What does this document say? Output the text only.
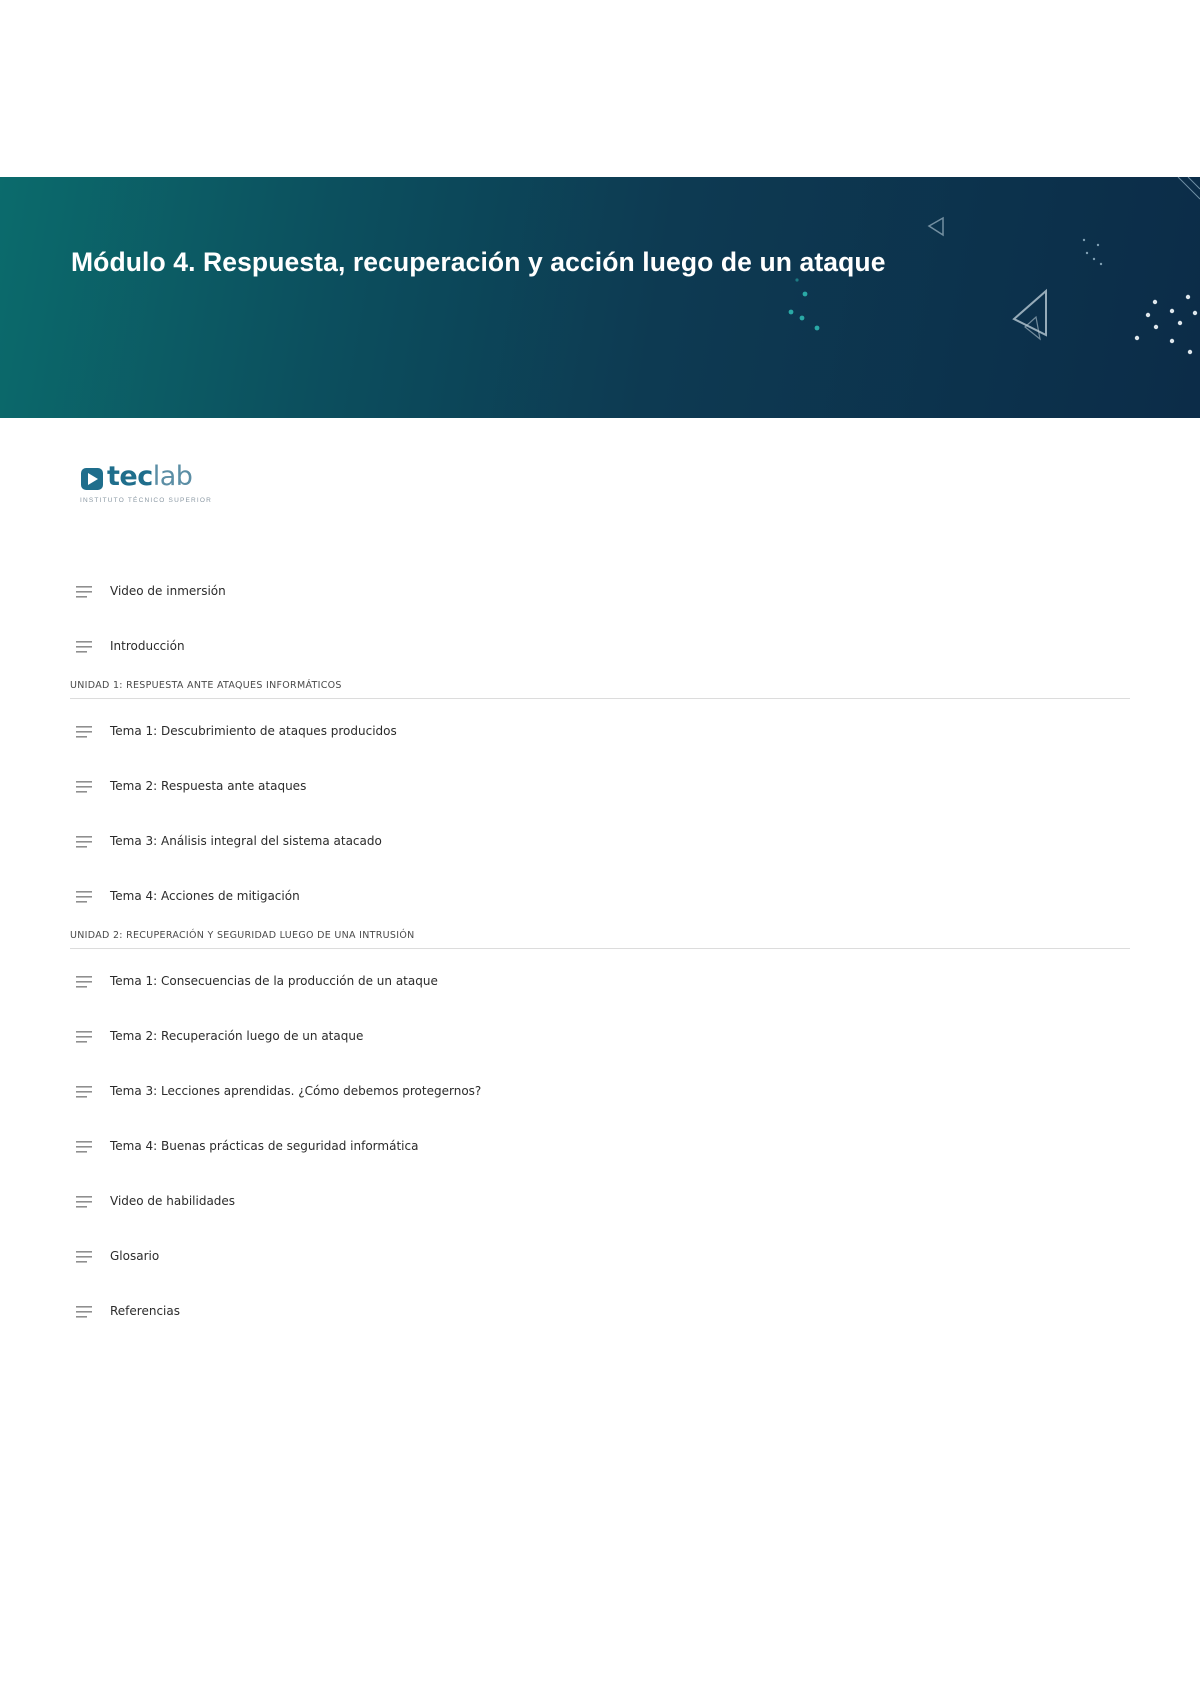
Módulo 4. Respuesta, recuperación y acción luego de un ataque
teclab
INSTITUTO TÉCNICO SUPERIOR
Video de inmersión
Introducción
UNIDAD 1: RESPUESTA ANTE ATAQUES INFORMÁTICOS
Tema 1: Descubrimiento de ataques producidos
Tema 2: Respuesta ante ataques
Tema 3: Análisis integral del sistema atacado
Tema 4: Acciones de mitigación
UNIDAD 2: RECUPERACIÓN Y SEGURIDAD LUEGO DE UNA INTRUSIÓN
Tema 1: Consecuencias de la producción de un ataque
Tema 2: Recuperación luego de un ataque
Tema 3: Lecciones aprendidas. ¿Cómo debemos protegernos?
Tema 4: Buenas prácticas de seguridad informática
Video de habilidades
Glosario
Referencias
